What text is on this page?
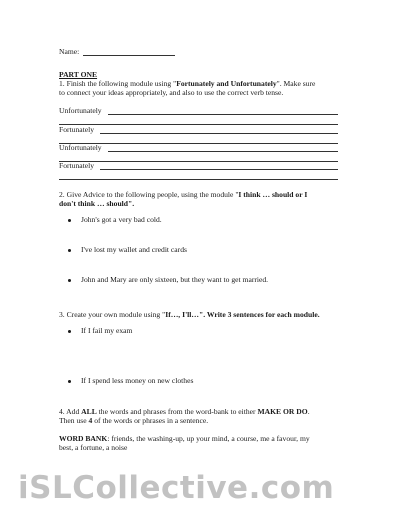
Name:
PART ONE
1. Finish the following module using "Fortunately and Unfortunately". Make sure
to connect your ideas appropriately, and also to use the correct verb tense.
Unfortunately
Fortunately
Unfortunately
Fortunately
2. Give Advice to the following people, using the module "I think … should or I
don't think … should".
John's got a very bad cold.
I've lost my wallet and credit cards
John and Mary are only sixteen, but they want to get married.
3. Create your own module using "If…, I'll…". Write 3 sentences for each module.
If I fail my exam
If I spend less money on new clothes
4. Add ALL the words and phrases from the word-bank to either MAKE OR DO.
Then use 4 of the words or phrases in a sentence.
WORD BANK: friends, the washing-up, up your mind, a course, me a favour, my
best, a fortune, a noise
iSLCollective.com
